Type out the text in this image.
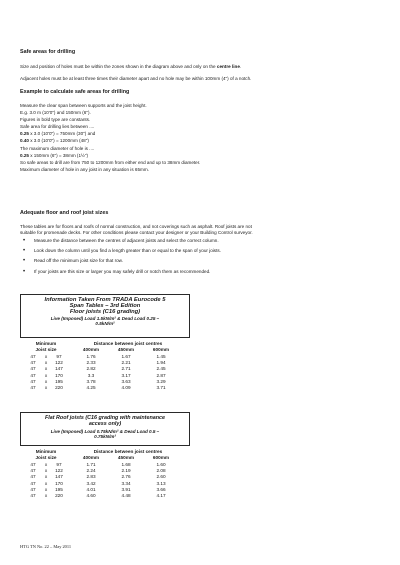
Safe areas for drilling
Size and position of holes must be within the zones shown in the diagram above and only on the centre line.
Adjacent holes must be at least three times their diameter apart and no hole may be within 100mm (4") of a notch.
Example to calculate safe areas for drilling
Measure the clear span between supports and the joist height.
E.g. 3.0 m (10'0") and 150mm (6").
Figures in bold type are constants.
Safe area for drilling lies between ....
0.25 x 3.0 (10'0") = 750mm (30") and
0.40 x 3.0 (10'0") = 1200mm (48")
The maximum diameter of hole is ....
0.25 x 150mm (6") = 38mm (1½")
So safe areas to drill are from 750 to 1200mm from either end and up to 38mm diameter.
Maximum diameter of hole in any joist in any situation is 65mm.
Adequate floor and roof joist sizes
These tables are for floors and roofs of normal construction, and not coverings such as asphalt. Roof joists are not
suitable for promenade decks. For other conditions please contact your designer or your Building Control surveyor.
• Measure the distance between the centres of adjacent joists and select the correct column.
• Look down the column until you find a length greater than or equal to the span of your joists.
• Read off the minimum joist size for that row.
• If your joists are this size or larger you may safely drill or notch them as recommended.
Information Taken From TRADA Eurocode 5
Span Tables – 3rd Edition
Floor joists (C16 grading)
Live (Imposed) Load 1.5kN/m² & Dead Load 0.25 –
0.5kN/m²
Minimum	Distance between joist centres
Joist size	400mm	450mm	600mm
47	x	97	1.76	1.67	1.45
47	x	122	2.33	2.21	1.94
47	x	147	2.82	2.71	2.45
47	x	170	3.3	3.17	2.87
47	x	195	3.78	3.63	3.29
47	x	220	4.25	4.09	3.71
Flat Roof joists (C16 grading with maintenance
access only)
Live (Imposed) Load 0.75kN/m² & Dead Load 0.5 –
0.75kN/m²
Minimum	Distance between joist centres
Joist size	400mm	450mm	600mm
47	x	97	1.71	1.68	1.60
47	x	122	2.24	2.19	2.08
47	x	147	2.83	2.76	2.60
47	x	170	3.42	3.34	3.13
47	x	195	4.01	3.91	3.66
47	x	220	4.60	4.48	4.17
HTG TN No. 22 – May 2011
